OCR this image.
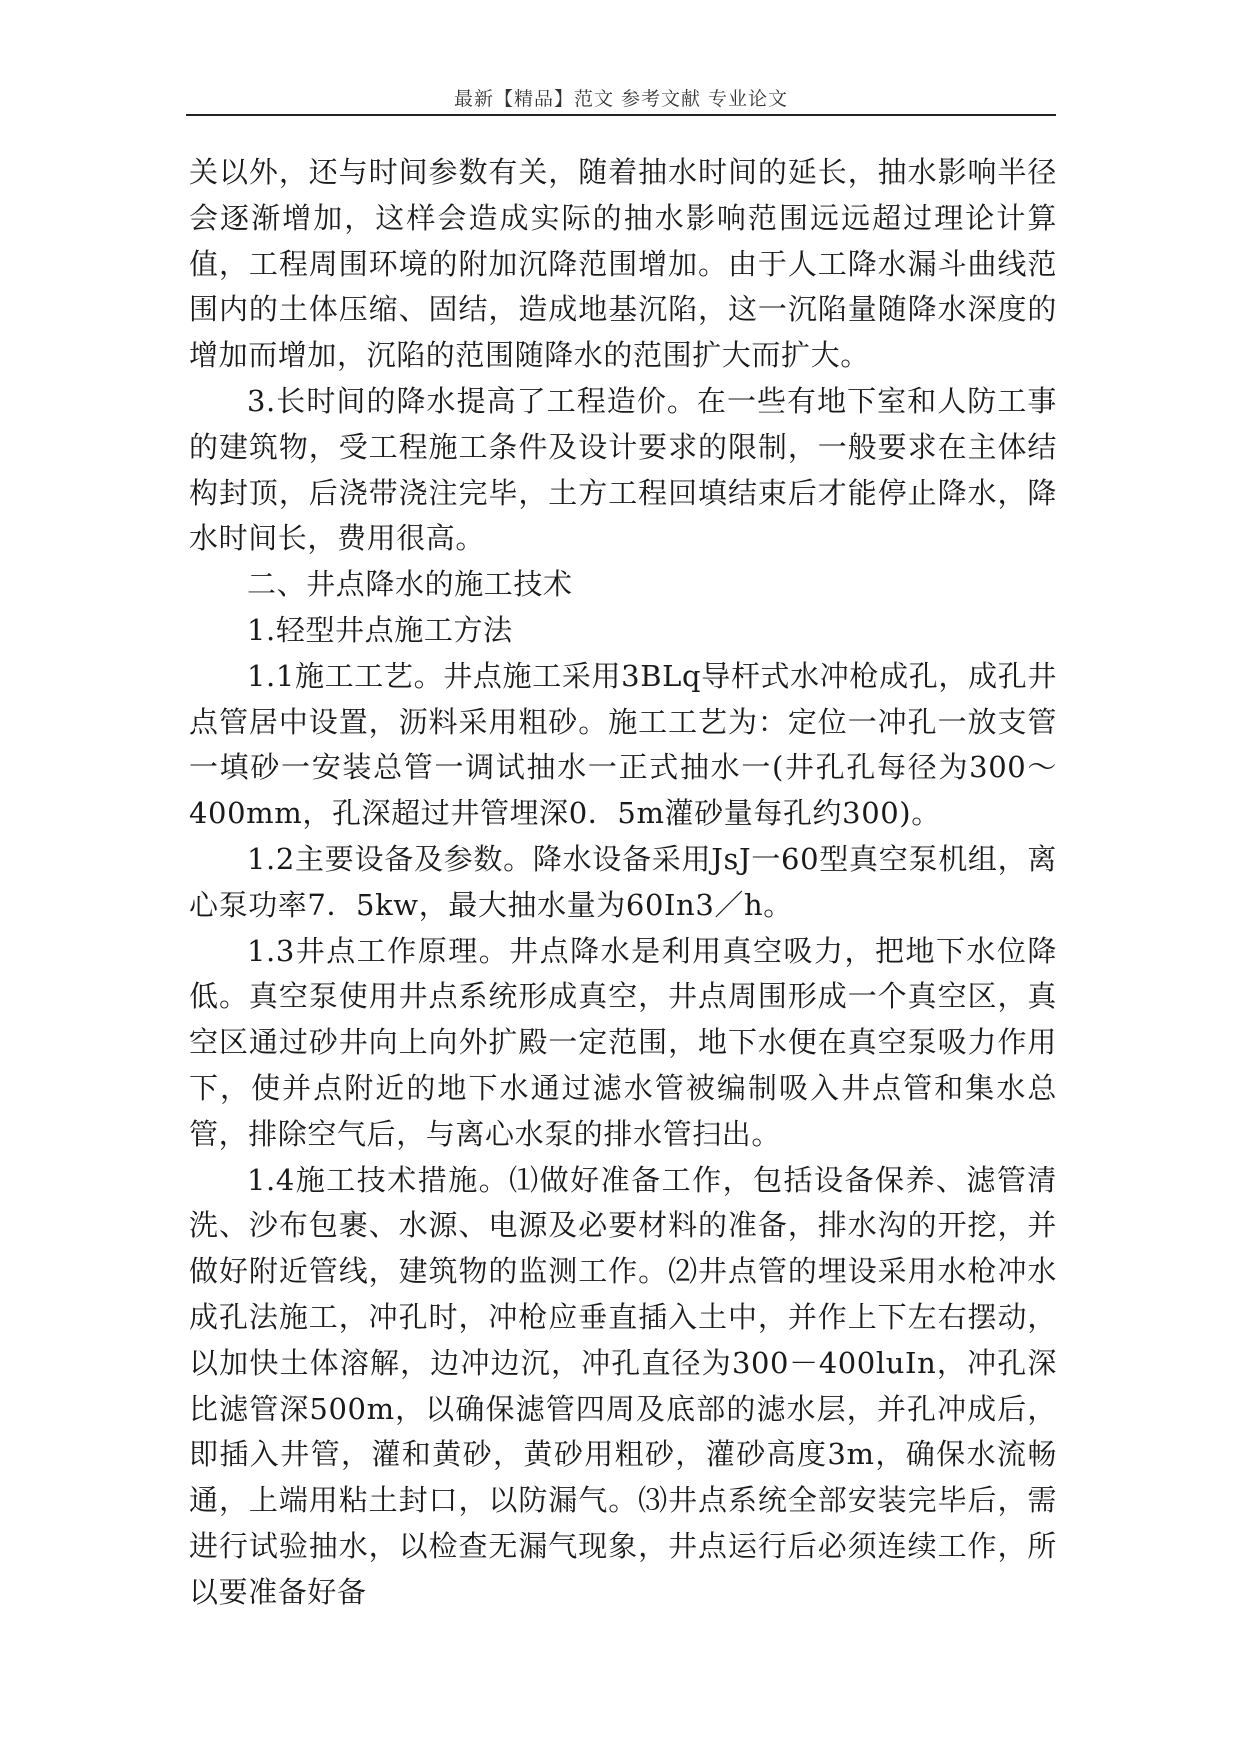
最新【精品】范文 参考文献 专业论文

关以外，还与时间参数有关，随着抽水时间的延长，抽水影响半径会逐渐增加，这样会造成实际的抽水影响范围远远超过理论计算值，工程周围环境的附加沉降范围增加。由于人工降水漏斗曲线范围内的土体压缩、固结，造成地基沉陷，这一沉陷量随降水深度的增加而增加，沉陷的范围随降水的范围扩大而扩大。

3.长时间的降水提高了工程造价。在一些有地下室和人防工事的建筑物，受工程施工条件及设计要求的限制，一般要求在主体结构封顶，后浇带浇注完毕，土方工程回填结束后才能停止降水，降水时间长，费用很高。

二、井点降水的施工技术

1.轻型井点施工方法

1.1施工工艺。井点施工采用3BLq导杆式水冲枪成孔，成孔井点管居中设置，沥料采用粗砂。施工工艺为：定位一冲孔一放支管一填砂一安装总管一调试抽水一正式抽水一(井孔孔每径为300～400mm，孔深超过井管埋深0．5m灌砂量每孔约300)。

1.2主要设备及参数。降水设备采用JsJ一60型真空泵机组，离心泵功率7．5kw，最大抽水量为60In3／h。

1.3井点工作原理。井点降水是利用真空吸力，把地下水位降低。真空泵使用井点系统形成真空，井点周围形成一个真空区，真空区通过砂井向上向外扩殿一定范围，地下水便在真空泵吸力作用下，使并点附近的地下水通过滤水管被编制吸入井点管和集水总管，排除空气后，与离心水泵的排水管扫出。

1.4施工技术措施。⑴做好准备工作，包括设备保养、滤管清洗、沙布包裹、水源、电源及必要材料的准备，排水沟的开挖，并做好附近管线，建筑物的监测工作。⑵井点管的埋设采用水枪冲水成孔法施工，冲孔时，冲枪应垂直插入土中，并作上下左右摆动，以加快土体溶解，边冲边沉，冲孔直径为300－400luIn，冲孔深比滤管深500m，以确保滤管四周及底部的滤水层，并孔冲成后，即插入井管，灌和黄砂，黄砂用粗砂，灌砂高度3m，确保水流畅通，上端用粘土封口，以防漏气。⑶井点系统全部安装完毕后，需进行试验抽水，以检查无漏气现象，井点运行后必须连续工作，所以要准备好备
